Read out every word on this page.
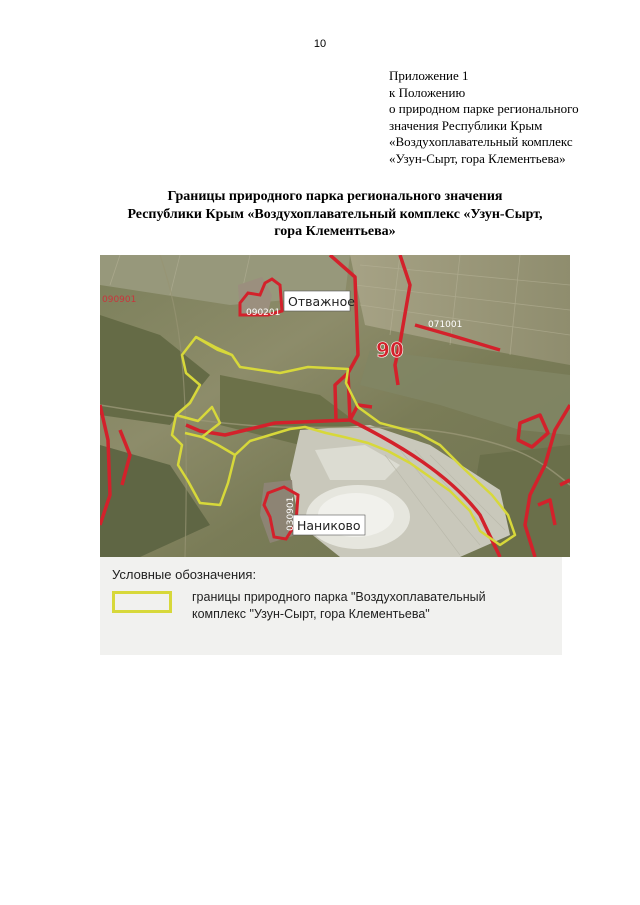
10
Приложение 1
к Положению
о природном парке регионального
значения Республики Крым
«Воздухоплавательный комплекс
«Узун-Сырт, гора Клементьева»
Границы природного парка регионального значения
Республики Крым «Воздухоплавательный комплекс «Узун-Сырт,
гора Клементьева»
Отважное
Наниково
90
090901
090201
071001
030901
Условные обозначения:
границы природного парка "Воздухоплавательный
комплекс "Узун-Сырт, гора Клементьева"
